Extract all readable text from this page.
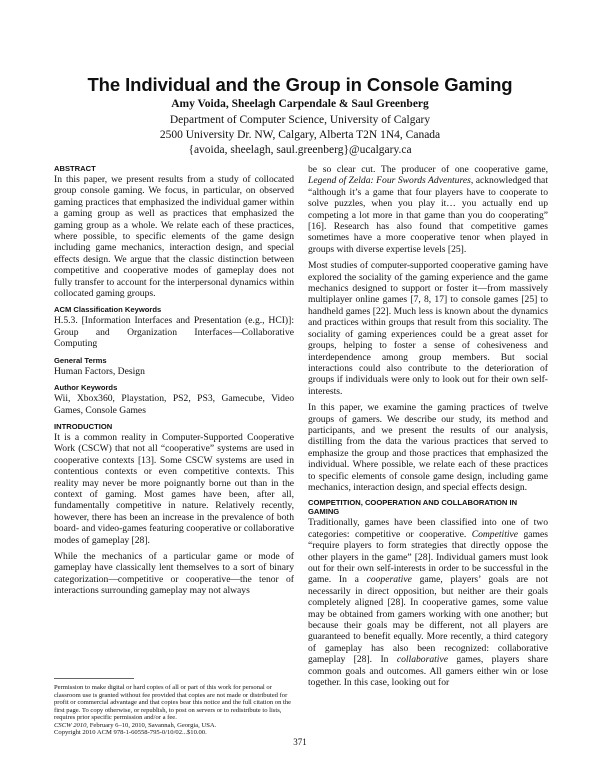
The Individual and the Group in Console Gaming
Amy Voida, Sheelagh Carpendale & Saul Greenberg
Department of Computer Science, University of Calgary
2500 University Dr. NW, Calgary, Alberta T2N 1N4, Canada
{avoida, sheelagh, saul.greenberg}@ucalgary.ca
ABSTRACT

In this paper, we present results from a study of collocated group console gaming. We focus, in particular, on observed gaming practices that emphasized the individual gamer within a gaming group as well as practices that emphasized the gaming group as a whole. We relate each of these practices, where possible, to specific elements of the game design including game mechanics, interaction design, and special effects design. We argue that the classic distinction between competitive and cooperative modes of gameplay does not fully transfer to account for the interpersonal dynamics within collocated gaming groups.

ACM Classification Keywords

H.5.3. [Information Interfaces and Presentation (e.g., HCI)]: Group and Organization Interfaces—Collaborative Computing

General Terms

Human Factors, Design

Author Keywords

Wii, Xbox360, Playstation, PS2, PS3, Gamecube, Video Games, Console Games

INTRODUCTION

It is a common reality in Computer-Supported Cooperative Work (CSCW) that not all “cooperative” systems are used in cooperative contexts [13]. Some CSCW systems are used in contentious contexts or even competitive contexts. This reality may never be more poignantly borne out than in the context of gaming. Most games have been, after all, fundamentally competitive in nature. Relatively recently, however, there has been an increase in the prevalence of both board- and video-games featuring cooperative or collaborative modes of gameplay [28].

While the mechanics of a particular game or mode of gameplay have classically lent themselves to a sort of binary categorization—competitive or cooperative—the tenor of interactions surrounding gameplay may not always

Permission to make digital or hard copies of all or part of this work for personal or classroom use is granted without fee provided that copies are not made or distributed for profit or commercial advantage and that copies bear this notice and the full citation on the first page. To copy otherwise, or republish, to post on servers or to redistribute to lists, requires prior specific permission and/or a fee.
CSCW 2010, February 6–10, 2010, Savannah, Georgia, USA.
Copyright 2010 ACM 978-1-60558-795-0/10/02...$10.00.

be so clear cut. The producer of one cooperative game, Legend of Zelda: Four Swords Adventures, acknowledged that “although it’s a game that four players have to cooperate to solve puzzles, when you play it… you actually end up competing a lot more in that game than you do cooperating” [16]. Research has also found that competitive games sometimes have a more cooperative tenor when played in groups with diverse expertise levels [25].

Most studies of computer-supported cooperative gaming have explored the sociality of the gaming experience and the game mechanics designed to support or foster it—from massively multiplayer online games [7, 8, 17] to console games [25] to handheld games [22]. Much less is known about the dynamics and practices within groups that result from this sociality. The sociality of gaming experiences could be a great asset for groups, helping to foster a sense of cohesiveness and interdependence among group members. But social interactions could also contribute to the deterioration of groups if individuals were only to look out for their own self-interests.

In this paper, we examine the gaming practices of twelve groups of gamers. We describe our study, its method and participants, and we present the results of our analysis, distilling from the data the various practices that served to emphasize the group and those practices that emphasized the individual. Where possible, we relate each of these practices to specific elements of console game design, including game mechanics, interaction design, and special effects design.

COMPETITION, COOPERATION AND COLLABORATION IN GAMING

Traditionally, games have been classified into one of two categories: competitive or cooperative. Competitive games “require players to form strategies that directly oppose the other players in the game” [28]. Individual gamers must look out for their own self-interests in order to be successful in the game. In a cooperative game, players’ goals are not necessarily in direct opposition, but neither are their goals completely aligned [28]. In cooperative games, some value may be obtained from gamers working with one another; but because their goals may be different, not all players are guaranteed to benefit equally. More recently, a third category of gameplay has also been recognized: collaborative gameplay [28]. In collaborative games, players share common goals and outcomes. All gamers either win or lose together. In this case, looking out for

371
